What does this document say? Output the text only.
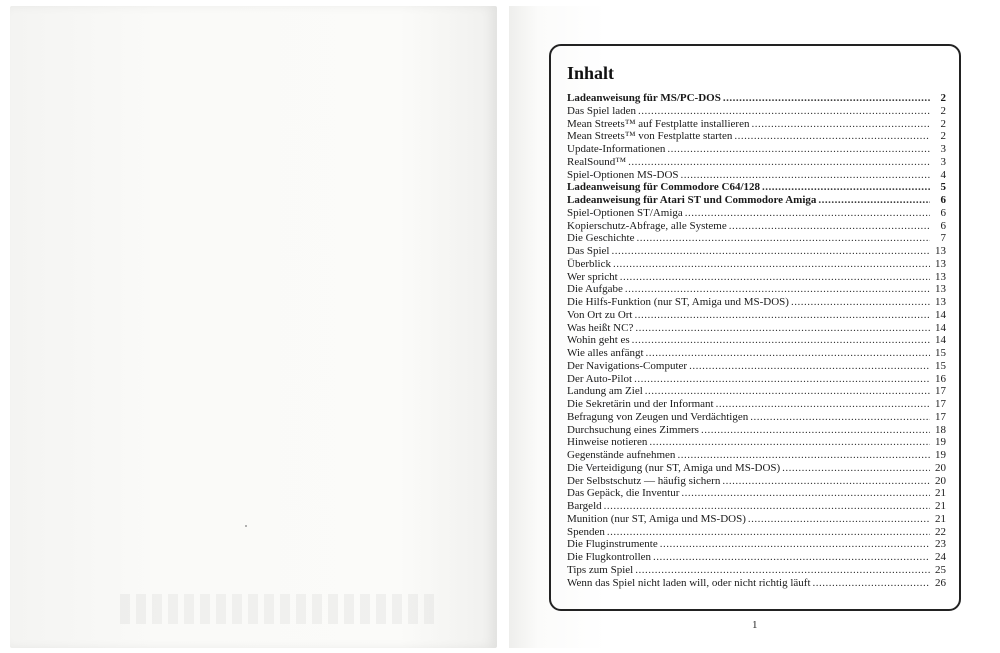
Inhalt
Ladeanweisung für MS/PC-DOS .....	2
Das Spiel laden .....	2
Mean Streets™ auf Festplatte installieren .....	2
Mean Streets™ von Festplatte starten .....	2
Update-Informationen .....	3
RealSound™ .....	3
Spiel-Optionen MS-DOS .....	4
Ladeanweisung für Commodore C64/128 .....	5
Ladeanweisung für Atari ST und Commodore Amiga .....	6
Spiel-Optionen ST/Amiga .....	6
Kopierschutz-Abfrage, alle Systeme .....	6
Die Geschichte .....	7
Das Spiel .....	13
Überblick .....	13
Wer spricht .....	13
Die Aufgabe .....	13
Die Hilfs-Funktion (nur ST, Amiga und MS-DOS) .....	13
Von Ort zu Ort .....	14
Was heißt NC? .....	14
Wohin geht es .....	14
Wie alles anfängt .....	15
Der Navigations-Computer .....	15
Der Auto-Pilot .....	16
Landung am Ziel .....	17
Die Sekretärin und der Informant .....	17
Befragung von Zeugen und Verdächtigen .....	17
Durchsuchung eines Zimmers .....	18
Hinweise notieren .....	19
Gegenstände aufnehmen .....	19
Die Verteidigung (nur ST, Amiga und MS-DOS) .....	20
Der Selbstschutz — häufig sichern .....	20
Das Gepäck, die Inventur .....	21
Bargeld .....	21
Munition (nur ST, Amiga und MS-DOS) .....	21
Spenden .....	22
Die Fluginstrumente .....	23
Die Flugkontrollen .....	24
Tips zum Spiel .....	25
Wenn das Spiel nicht laden will, oder nicht richtig läuft .....	26
1
